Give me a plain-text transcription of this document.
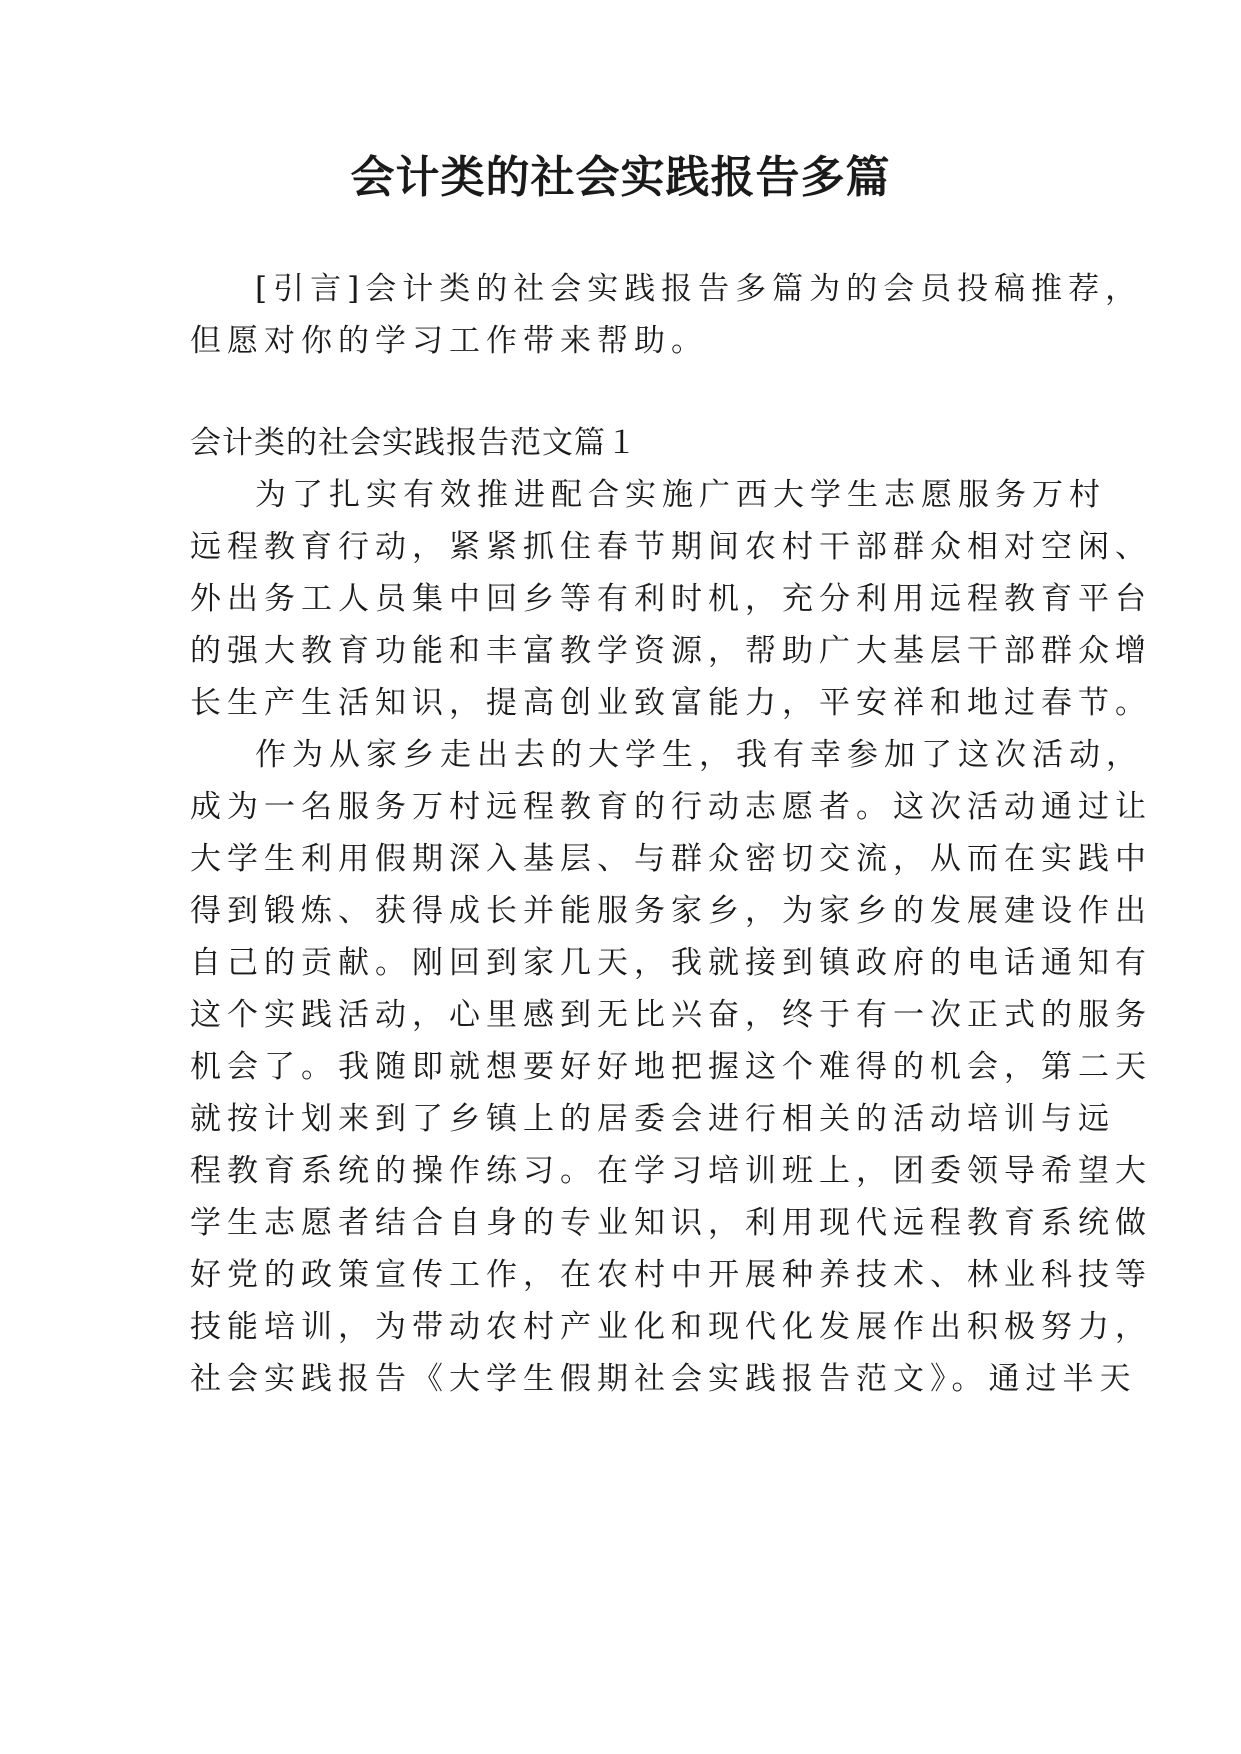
会计类的社会实践报告多篇
[引言]会计类的社会实践报告多篇为的会员投稿推荐，
但愿对你的学习工作带来帮助。
会计类的社会实践报告范文篇１
为了扎实有效推进配合实施广西大学生志愿服务万村
远程教育行动，紧紧抓住春节期间农村干部群众相对空闲、
外出务工人员集中回乡等有利时机，充分利用远程教育平台
的强大教育功能和丰富教学资源，帮助广大基层干部群众增
长生产生活知识，提高创业致富能力，平安祥和地过春节。
作为从家乡走出去的大学生，我有幸参加了这次活动，
成为一名服务万村远程教育的行动志愿者。这次活动通过让
大学生利用假期深入基层、与群众密切交流，从而在实践中
得到锻炼、获得成长并能服务家乡，为家乡的发展建设作出
自己的贡献。刚回到家几天，我就接到镇政府的电话通知有
这个实践活动，心里感到无比兴奋，终于有一次正式的服务
机会了。我随即就想要好好地把握这个难得的机会，第二天
就按计划来到了乡镇上的居委会进行相关的活动培训与远
程教育系统的操作练习。在学习培训班上，团委领导希望大
学生志愿者结合自身的专业知识，利用现代远程教育系统做
好党的政策宣传工作，在农村中开展种养技术、林业科技等
技能培训，为带动农村产业化和现代化发展作出积极努力，
社会实践报告《大学生假期社会实践报告范文》。通过半天
